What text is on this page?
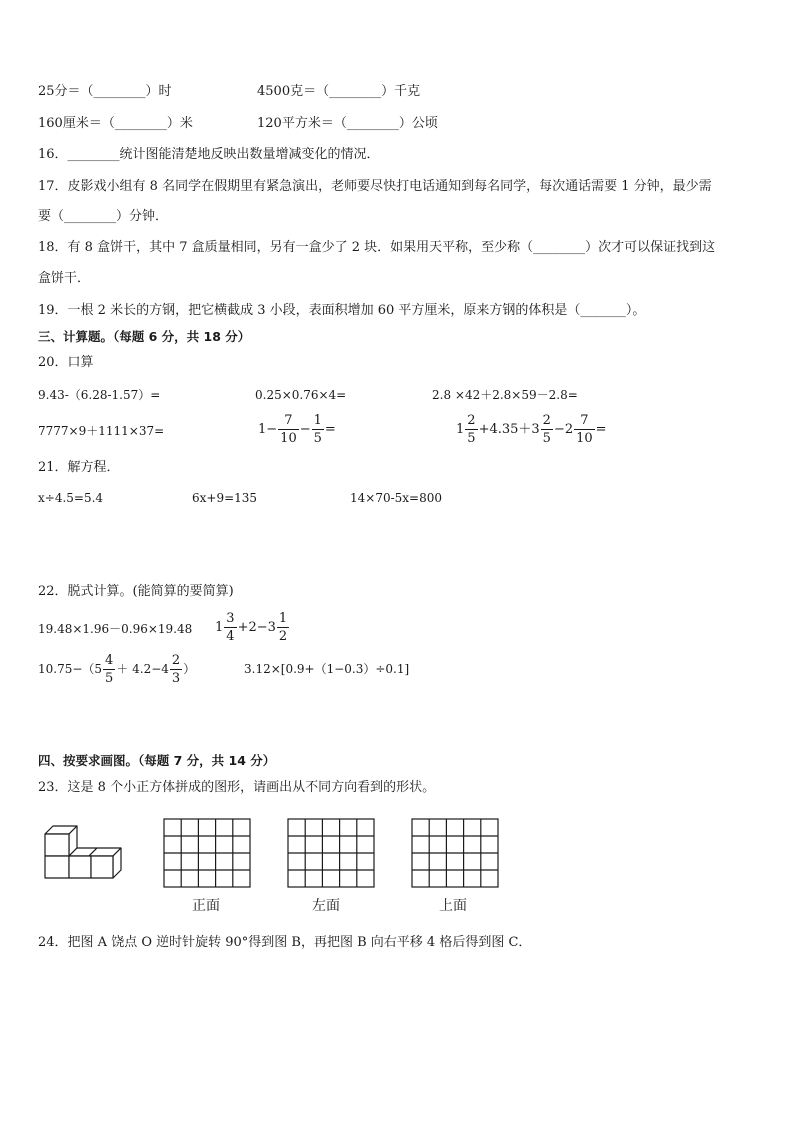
25分＝（________）时	4500克＝（________）千克
160厘米＝（________）米	120平方米＝（________）公顷
16．________统计图能清楚地反映出数量增减变化的情况．
17．皮影戏小组有 8 名同学在假期里有紧急演出，老师要尽快打电话通知到每名同学，每次通话需要 1 分钟，最少需
要（________）分钟．
18．有 8 盒饼干，其中 7 盒质量相同，另有一盒少了 2 块．如果用天平称，至少称（________）次才可以保证找到这
盒饼干．
19．一根 2 米长的方钢，把它横截成 3 小段，表面积增加 60 平方厘米，原来方钢的体积是（_______）。
三、计算题。（每题 6 分，共 18 分）
20．口算
9.43-（6.28-1.57）=	0.25×0.76×4=	2.8 ×42＋2.8×59－2.8=
7777×9＋1111×37=	$1- \frac{7}{10} - \frac{1}{5}$ =	$1 \frac{2}{5} +4.35+3 \frac{2}{5} -2 \frac{7}{10}$ =
21．解方程．
x÷4.5=5.4	6x+9=135	14×70-5x=800
22．脱式计算。(能简算的要简算)
19.48×1.96－0.96×19.48 $1 \frac{3}{4} +2-3 \frac{1}{2}$
$10.75-(5 \frac{4}{5} + 4.2-4 \frac{2}{3}$ ）	3.12×[0.9+（1−0.3）÷0.1]
四、按要求画图。（每题 7 分，共 14 分）
23．这是 8 个小正方体拼成的图形，请画出从不同方向看到的形状。
正面	左面	上面
24．把图 A 饶点 O 逆时针旋转 90°得到图 B，再把图 B 向右平移 4 格后得到图 C．
